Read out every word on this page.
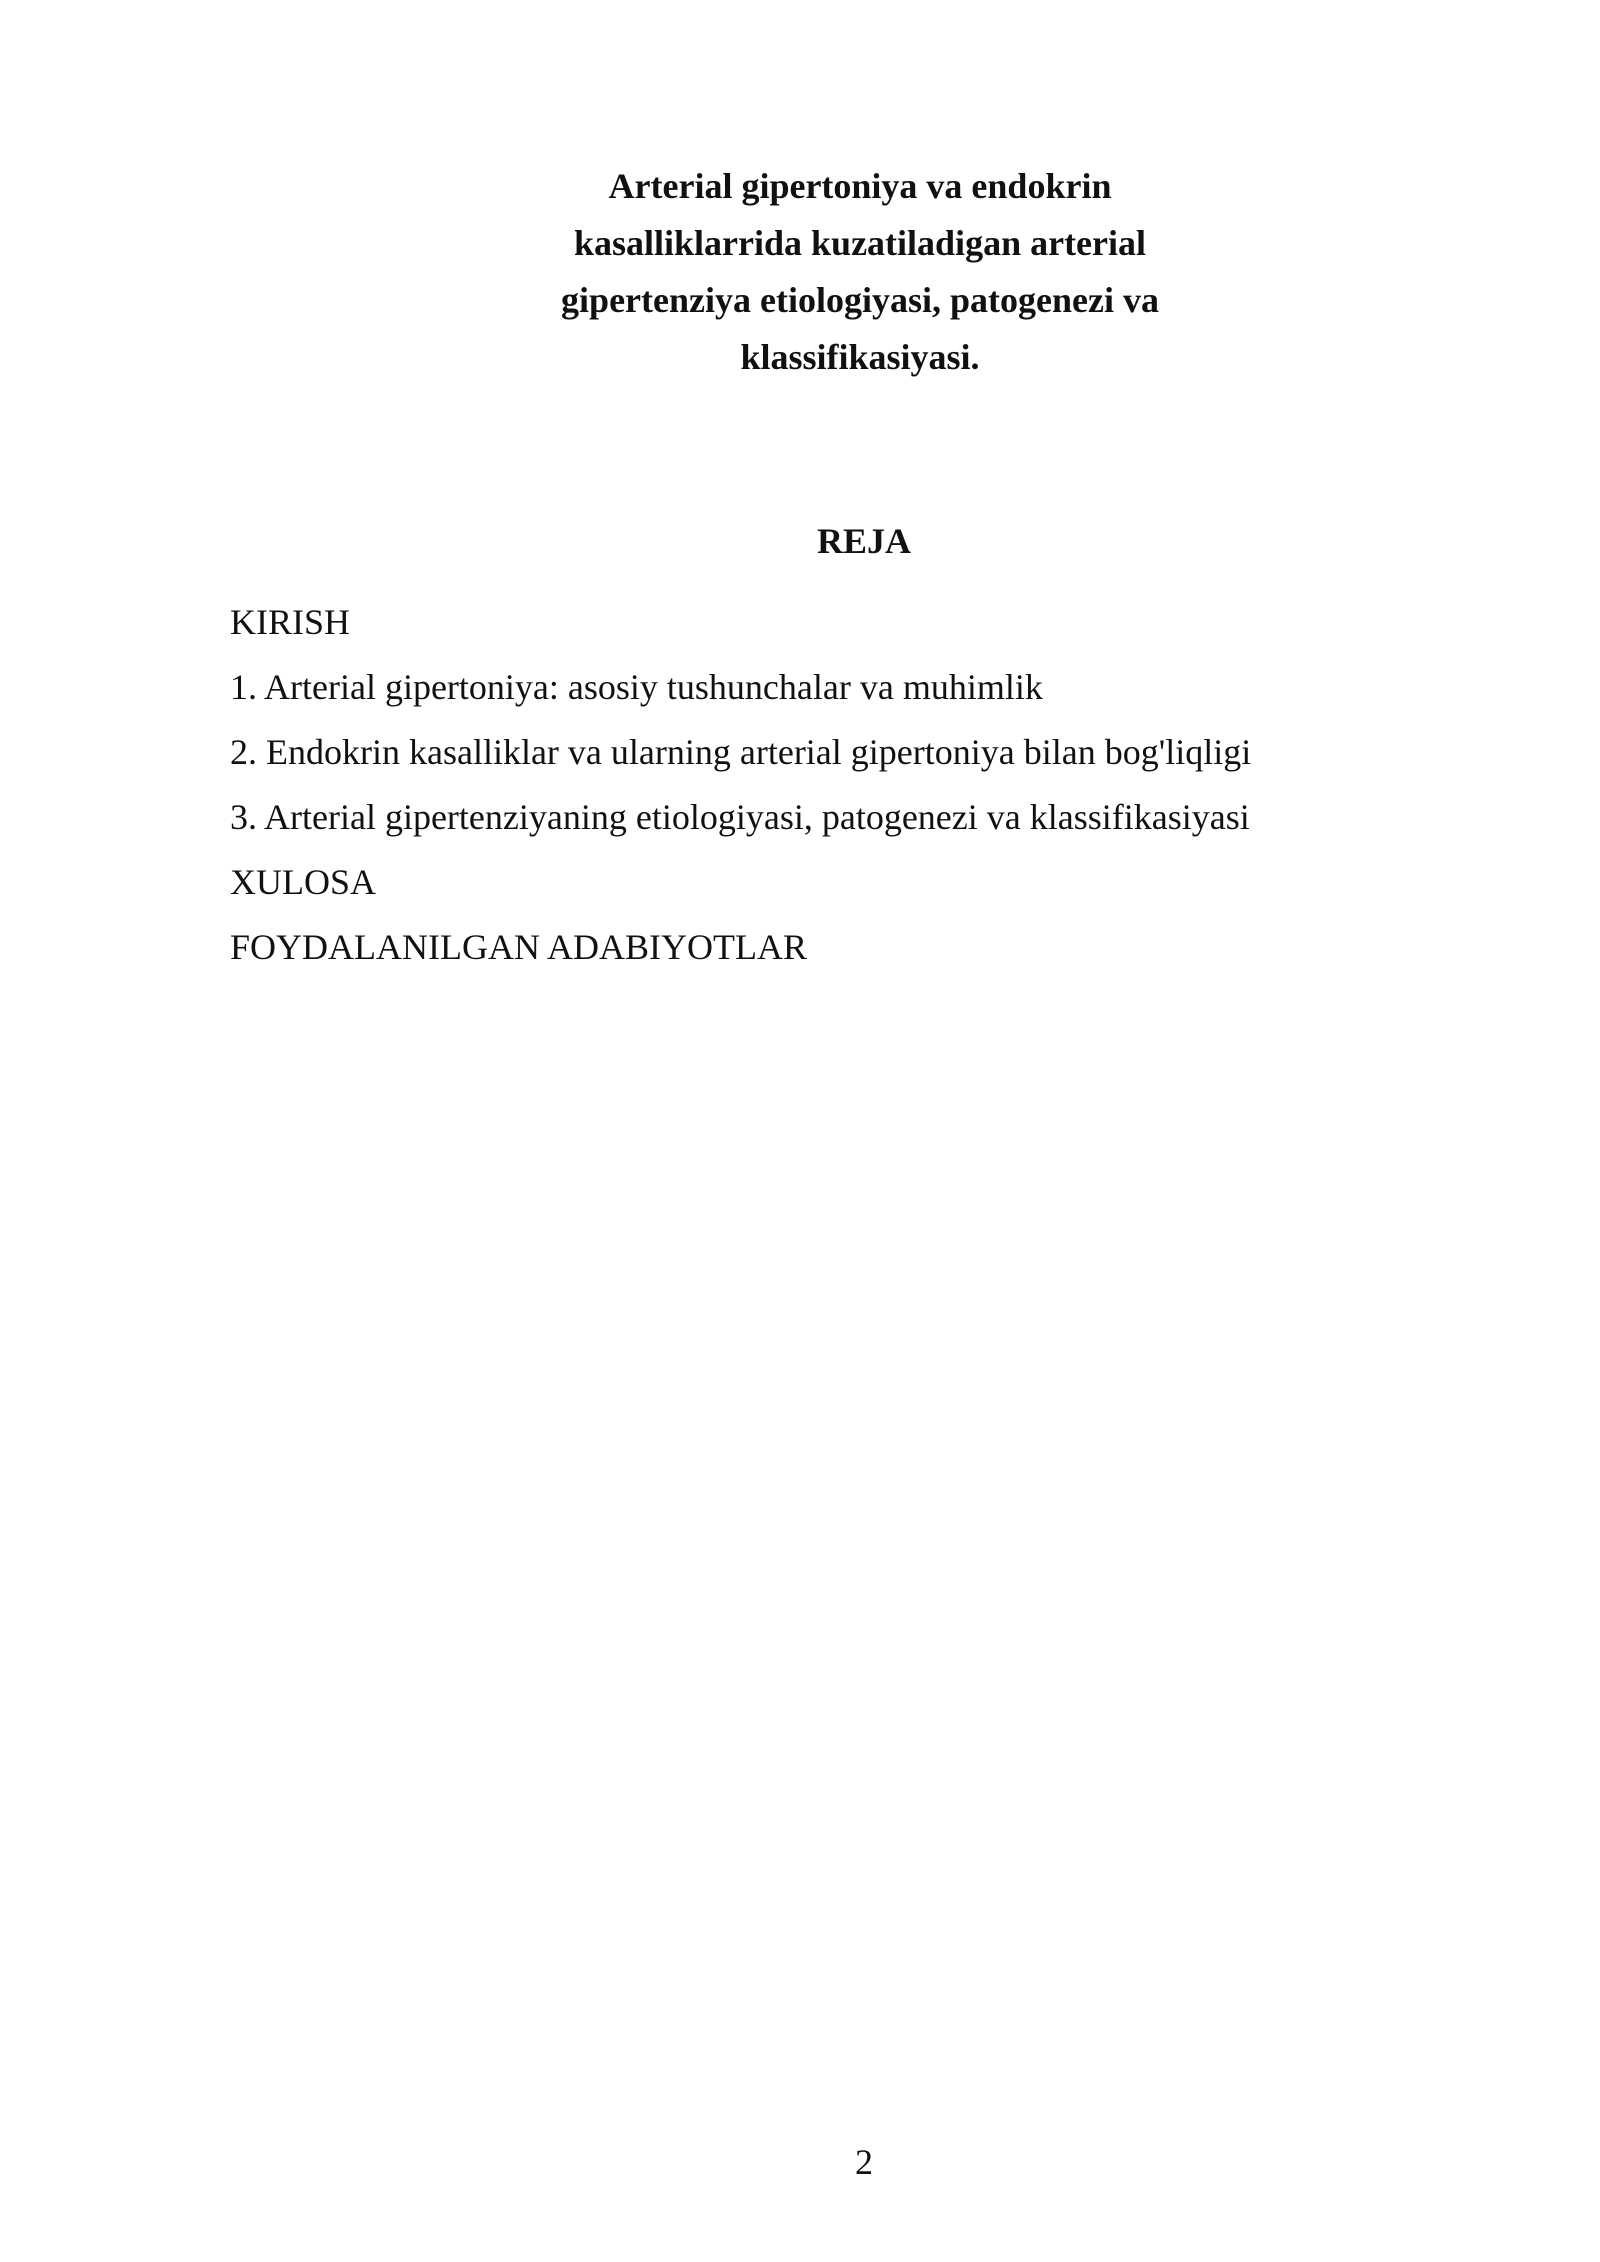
Arterial gipertoniya va endokrin
kasalliklarrida kuzatiladigan arterial
gipertenziya etiologiyasi, patogenezi va
klassifikasiyasi.
REJA
KIRISH
1. Arterial gipertoniya: asosiy tushunchalar va muhimlik
2. Endokrin kasalliklar va ularning arterial gipertoniya bilan bog'liqligi
3. Arterial gipertenziyaning etiologiyasi, patogenezi va klassifikasiyasi
XULOSA
FOYDALANILGAN ADABIYOTLAR
2
